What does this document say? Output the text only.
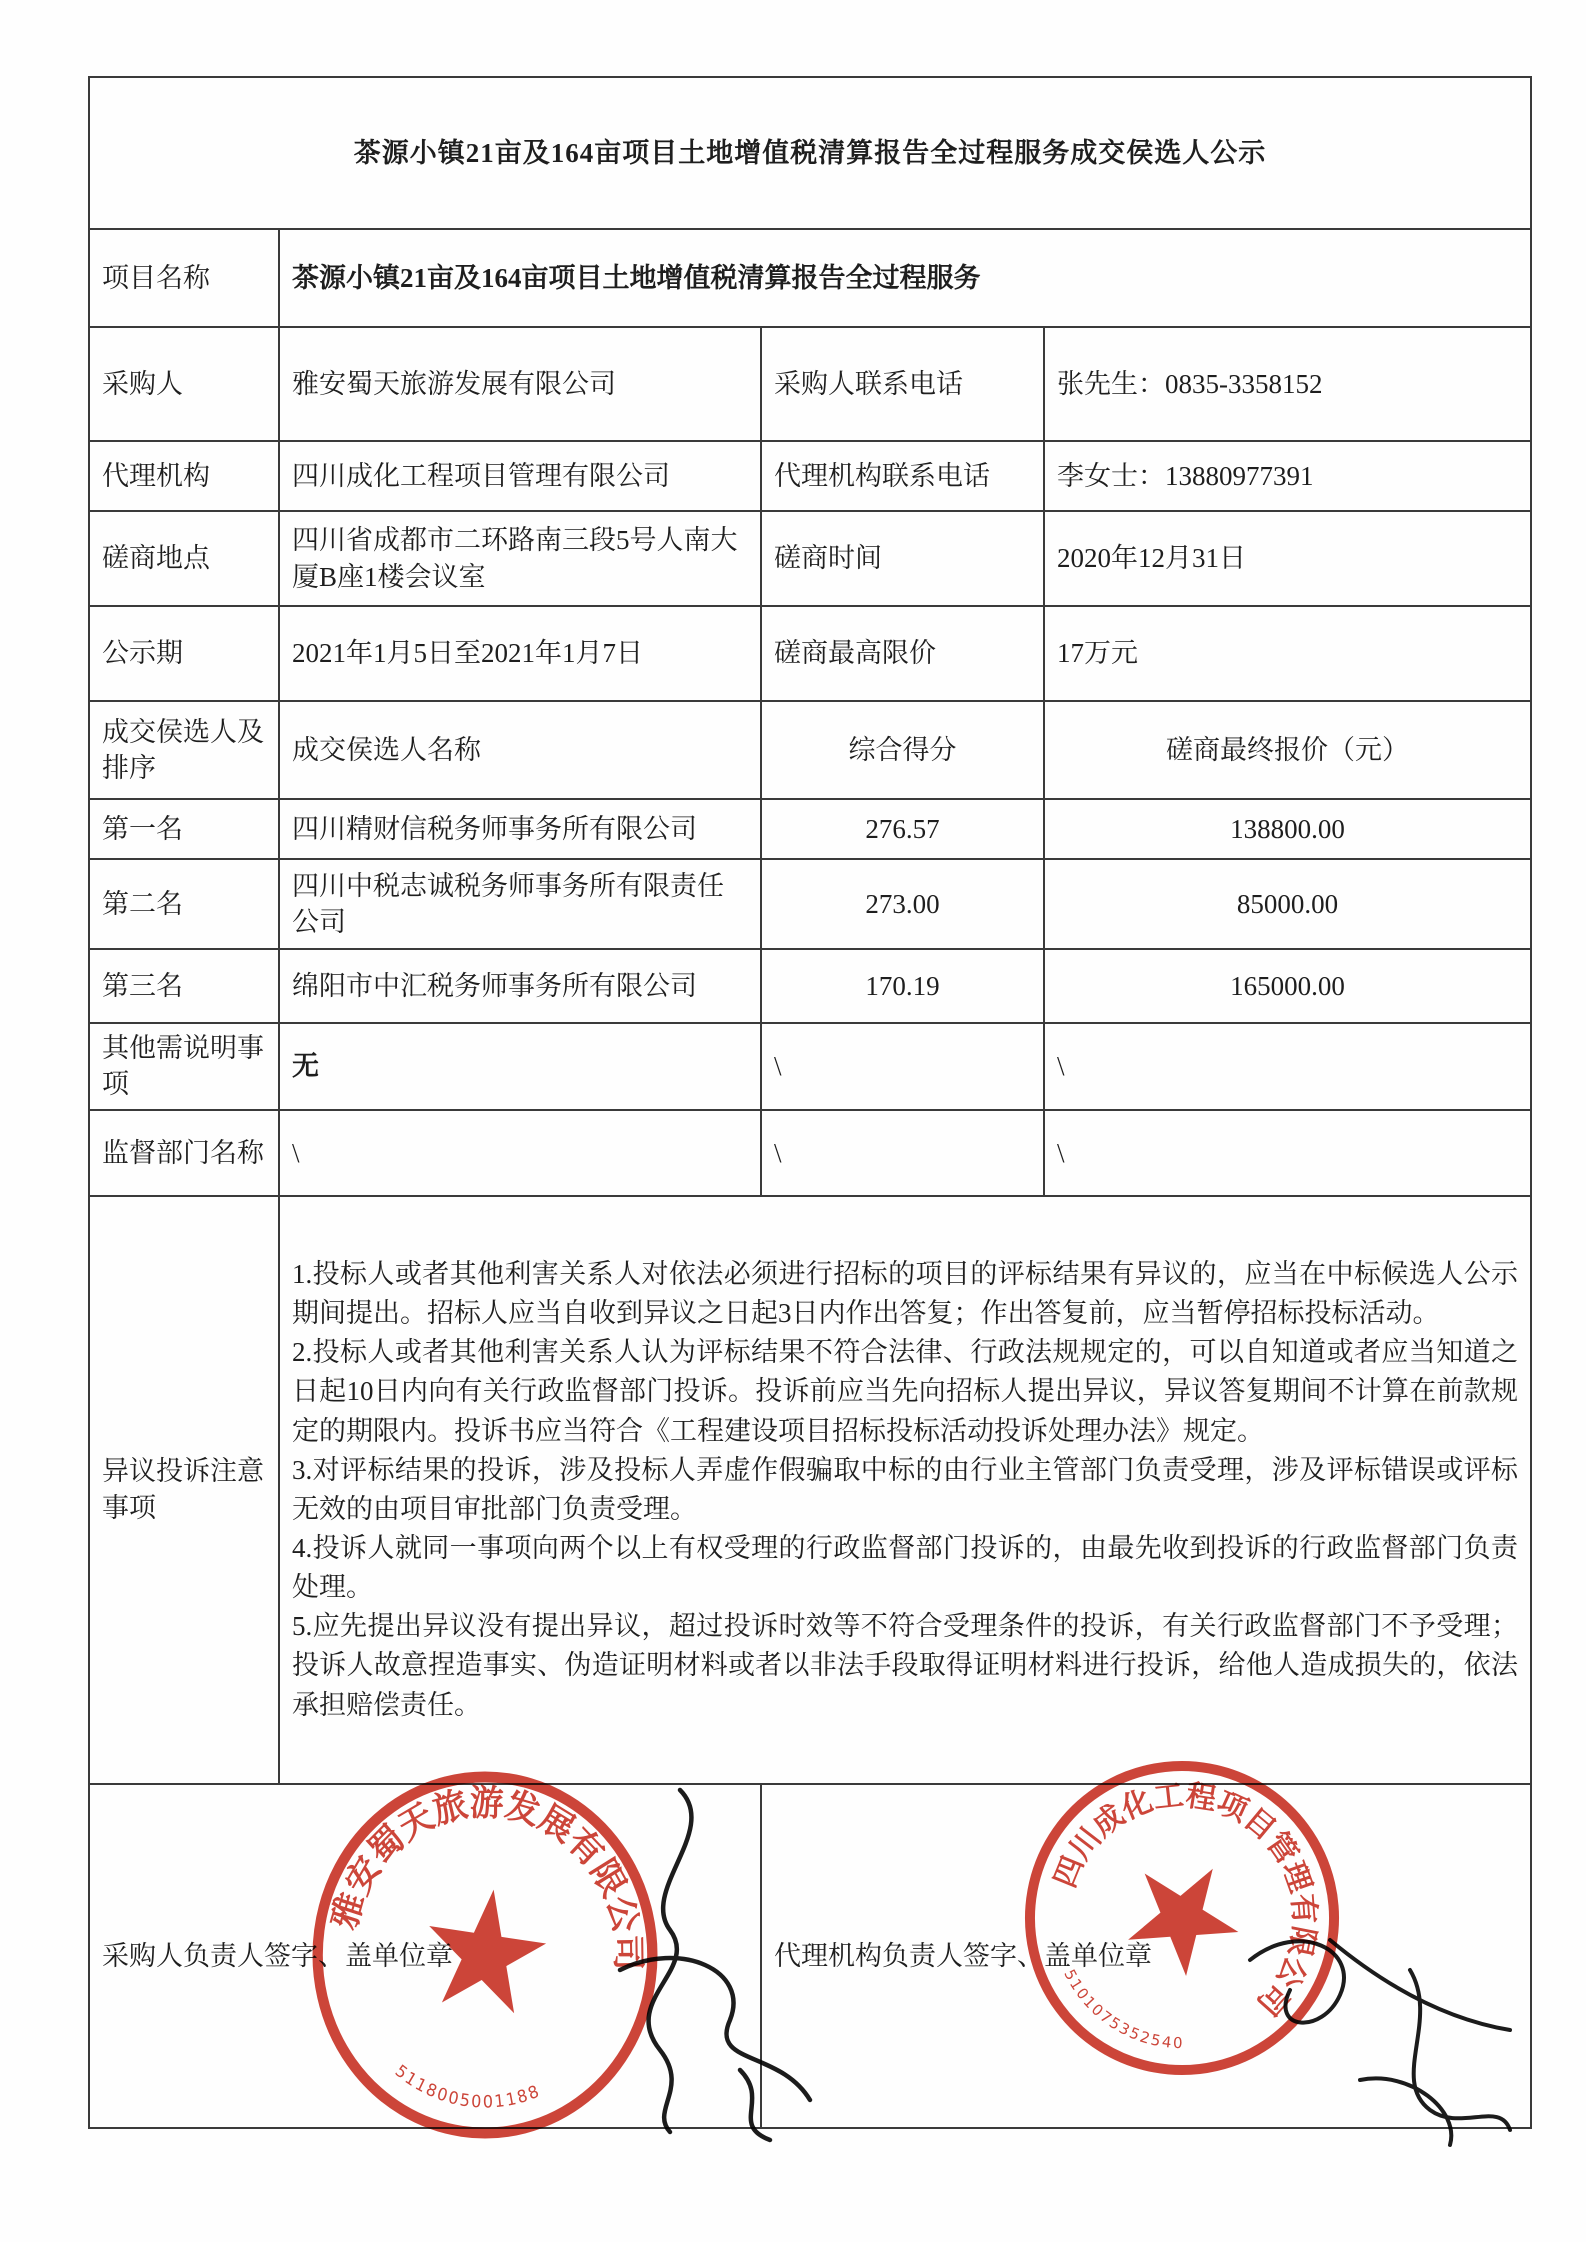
茶源小镇21亩及164亩项目土地增值税清算报告全过程服务成交侯选人公示			
项目名称	茶源小镇21亩及164亩项目土地增值税清算报告全过程服务		
采购人	雅安蜀天旅游发展有限公司	采购人联系电话	张先生：0835-3358152
代理机构	四川成化工程项目管理有限公司	代理机构联系电话	李女士：13880977391
磋商地点	四川省成都市二环路南三段5号人南大厦B座1楼会议室	磋商时间	2020年12月31日
公示期	2021年1月5日至2021年1月7日	磋商最高限价	17万元
成交侯选人及排序	成交侯选人名称	综合得分	磋商最终报价（元）
第一名	四川精财信税务师事务所有限公司	276.57	138800.00
第二名	四川中税志诚税务师事务所有限责任公司	273.00	85000.00
第三名	绵阳市中汇税务师事务所有限公司	170.19	165000.00
其他需说明事项	无	\	\
监督部门名称	\	\	\
异议投诉注意事项	1.投标人或者其他利害关系人对依法必须进行招标的项目的评标结果有异议的，应当在中标候选人公示期间提出。招标人应当自收到异议之日起3日内作出答复；作出答复前，应当暂停招标投标活动。

2.投标人或者其他利害关系人认为评标结果不符合法律、行政法规规定的，可以自知道或者应当知道之日起10日内向有关行政监督部门投诉。投诉前应当先向招标人提出异议，异议答复期间不计算在前款规定的期限内。投诉书应当符合《工程建设项目招标投标活动投诉处理办法》规定。

3.对评标结果的投诉，涉及投标人弄虚作假骗取中标的由行业主管部门负责受理，涉及评标错误或评标无效的由项目审批部门负责受理。

4.投诉人就同一事项向两个以上有权受理的行政监督部门投诉的，由最先收到投诉的行政监督部门负责处理。

5.应先提出异议没有提出异议，超过投诉时效等不符合受理条件的投诉，有关行政监督部门不予受理；投诉人故意捏造事实、伪造证明材料或者以非法手段取得证明材料进行投诉，给他人造成损失的，依法承担赔偿责任。		

采购人负责人签字、盖单位章		代理机构负责人签字、盖单位章	
雅安蜀天旅游发展有限公司
5118005001188
四川成化工程项目管理有限公司
5101075352540
